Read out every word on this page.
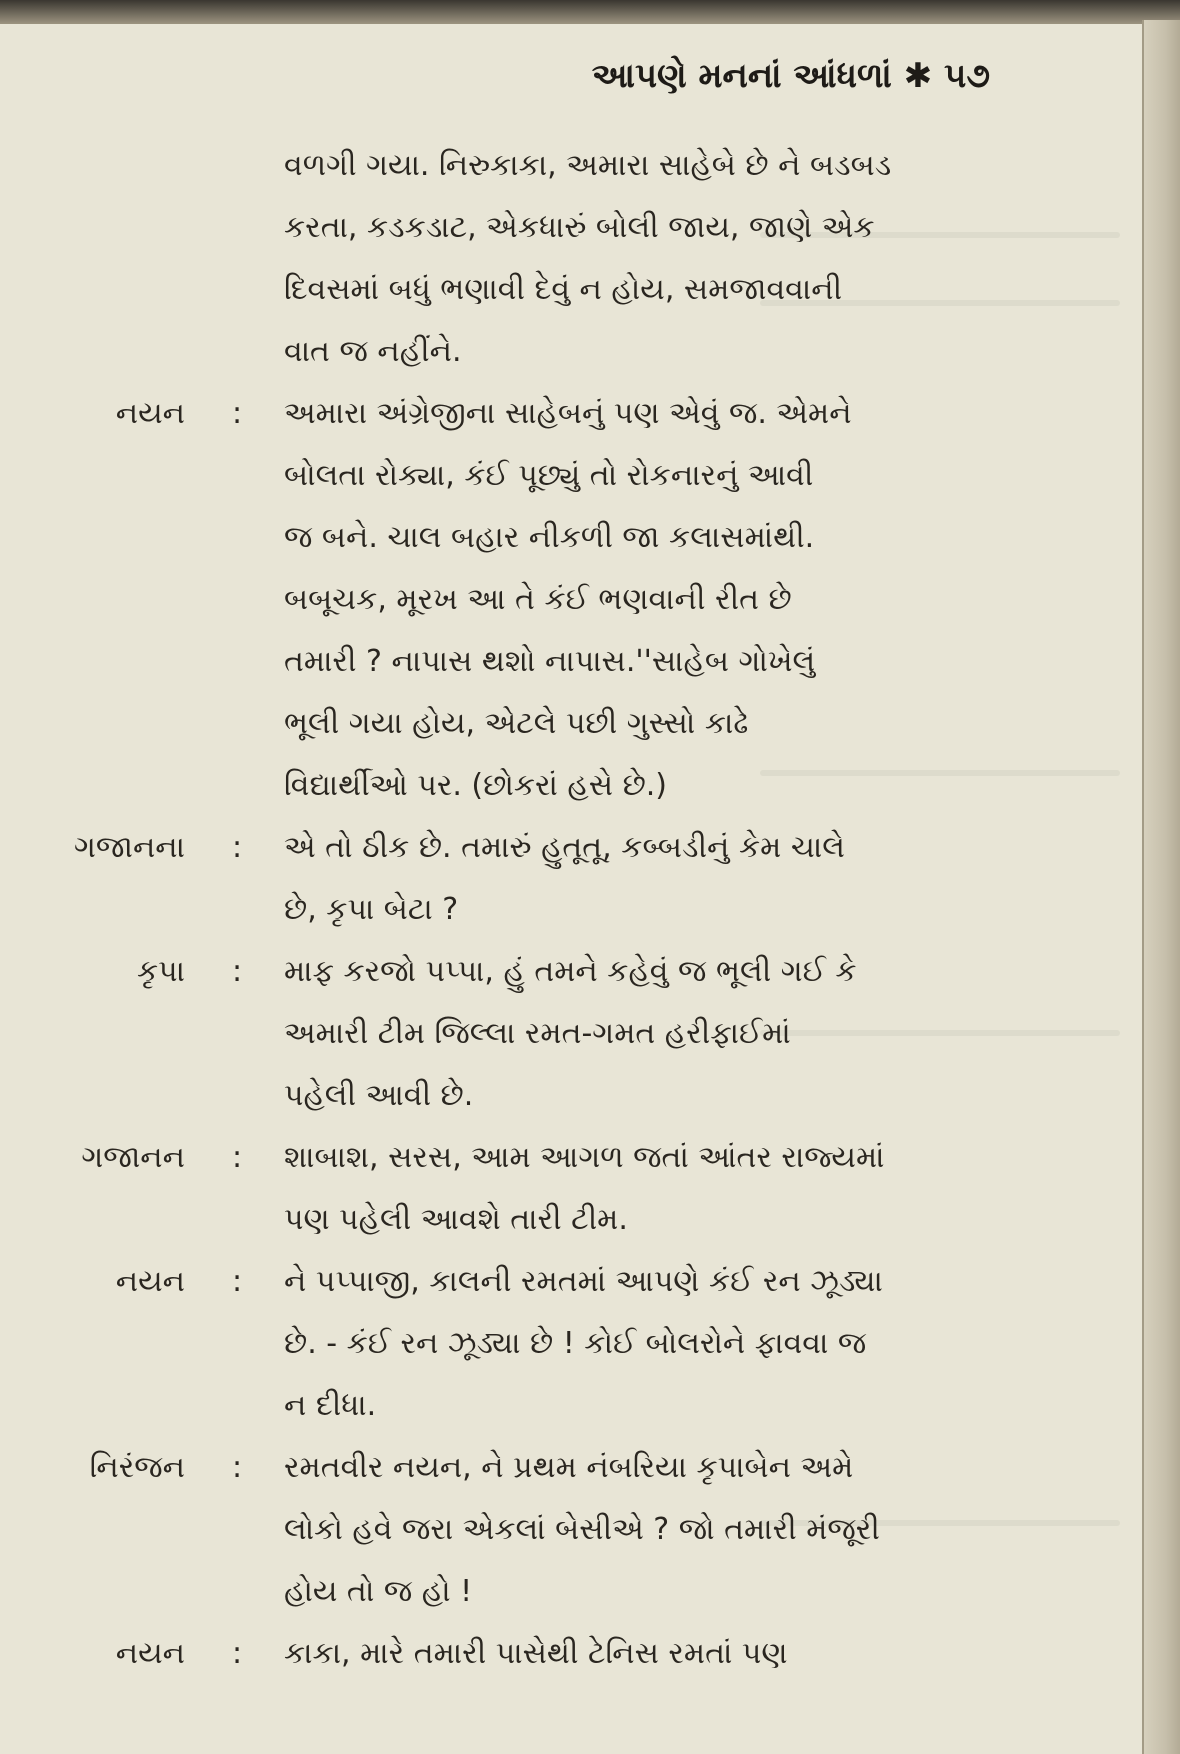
આપણે મનનાં આંધળાં ✱ ૫૭
વળગી ગયા. નિરુકાકા, અમારા સાહેબે છે ને બડબડ
કરતા, કડકડાટ, એકધારું બોલી જાય, જાણે એક
દિવસમાં બધું ભણાવી દેવું ન હોય, સમજાવવાની
વાત જ નહીંને.
નયન : અમારા અંગ્રેજીના સાહેબનું પણ એવું જ. એમને
બોલતા રોક્યા, કંઈ પૂછ્યું તો રોકનારનું આવી
જ બને. ચાલ બહાર નીકળી જા કલાસમાંથી.
બબૂચક, મૂરખ આ તે કંઈ ભણવાની રીત છે
તમારી ? નાપાસ થશો નાપાસ.''સાહેબ ગોખેલું
ભૂલી ગયા હોય, એટલે પછી ગુસ્સો કાઢે
વિદ્યાર્થીઓ પર. (છોકરાં હસે છે.)
ગજાનના : એ તો ઠીક છે. તમારું હુતૂતૂ, કબ્બડીનું કેમ ચાલે
છે, કૃપા બેટા ?
કૃપા : માફ કરજો પપ્પા, હું તમને કહેવું જ ભૂલી ગઈ કે
અમારી ટીમ જિલ્લા રમત-ગમત હરીફાઈમાં
પહેલી આવી છે.
ગજાનન : શાબાશ, સરસ, આમ આગળ જતાં આંતર રાજ્યમાં
પણ પહેલી આવશે તારી ટીમ.
નયન : ને પપ્પાજી, કાલની રમતમાં આપણે કંઈ રન ઝૂડ્યા
છે. - કંઈ રન ઝૂડ્યા છે ! કોઈ બોલરોને ફાવવા જ
ન દીધા.
નિરંજન : રમતવીર નયન, ને પ્રથમ નંબરિયા કૃપાબેન અમે
લોકો હવે જરા એકલાં બેસીએ ? જો તમારી મંજૂરી
હોય તો જ હો !
નયન : કાકા, મારે તમારી પાસેથી ટેનિસ રમતાં પણ
